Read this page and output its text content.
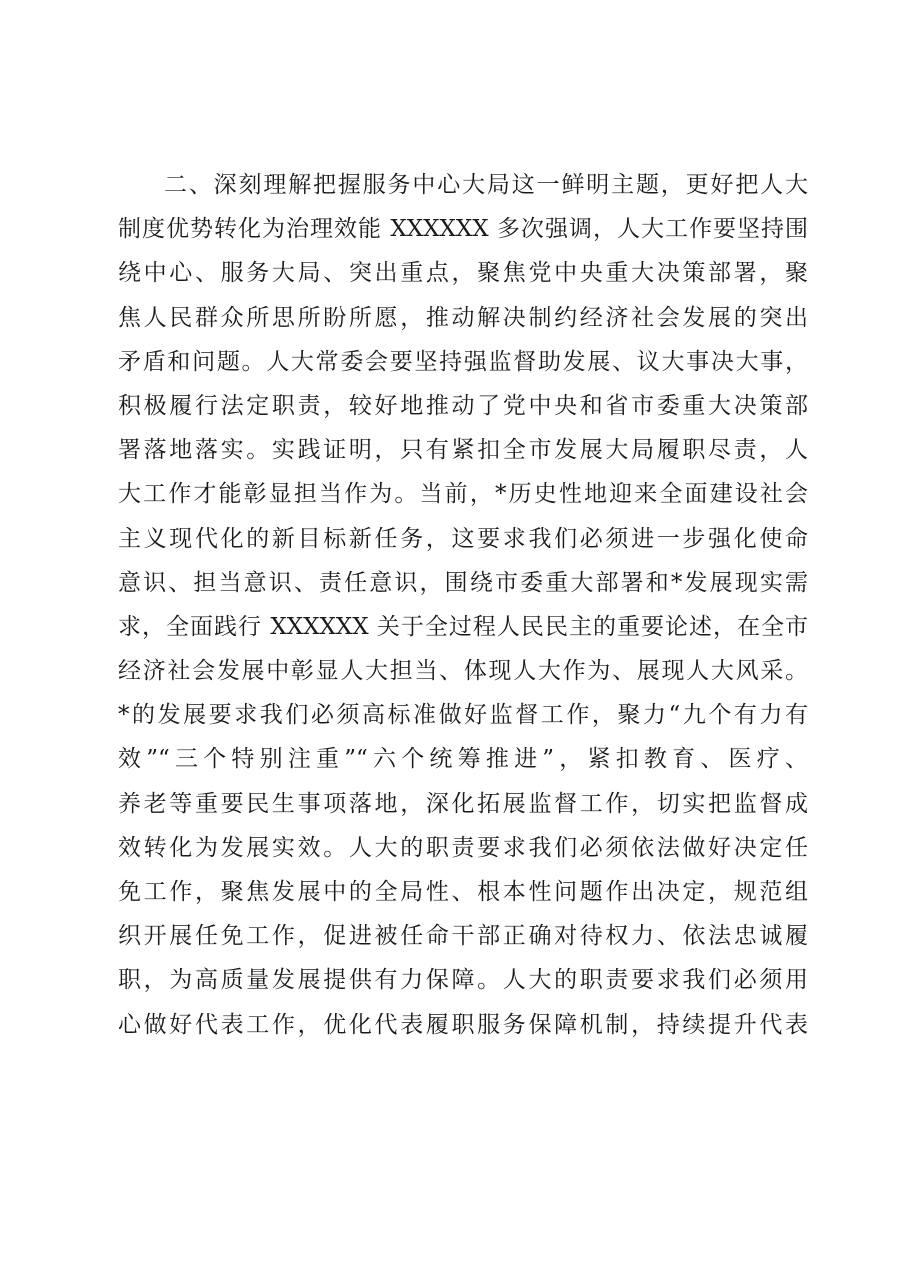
二、深刻理解把握服务中心大局这一鲜明主题，更好把人大
制度优势转化为治理效能 XXXXXX 多次强调，人大工作要坚持围
绕中心、服务大局、突出重点，聚焦党中央重大决策部署，聚
焦人民群众所思所盼所愿，推动解决制约经济社会发展的突出
矛盾和问题。人大常委会要坚持强监督助发展、议大事决大事，
积极履行法定职责，较好地推动了党中央和省市委重大决策部
署落地落实。实践证明，只有紧扣全市发展大局履职尽责，人
大工作才能彰显担当作为。当前，*历史性地迎来全面建设社会
主义现代化的新目标新任务，这要求我们必须进一步强化使命
意识、担当意识、责任意识，围绕市委重大部署和*发展现实需
求，全面践行 XXXXXX 关于全过程人民民主的重要论述，在全市
经济社会发展中彰显人大担当、体现人大作为、展现人大风采。
*的发展要求我们必须高标准做好监督工作，聚力“九个有力有
效”“三个特别注重”“六个统筹推进”，紧扣教育、医疗、
养老等重要民生事项落地，深化拓展监督工作，切实把监督成
效转化为发展实效。人大的职责要求我们必须依法做好决定任
免工作，聚焦发展中的全局性、根本性问题作出决定，规范组
织开展任免工作，促进被任命干部正确对待权力、依法忠诚履
职，为高质量发展提供有力保障。人大的职责要求我们必须用
心做好代表工作，优化代表履职服务保障机制，持续提升代表
